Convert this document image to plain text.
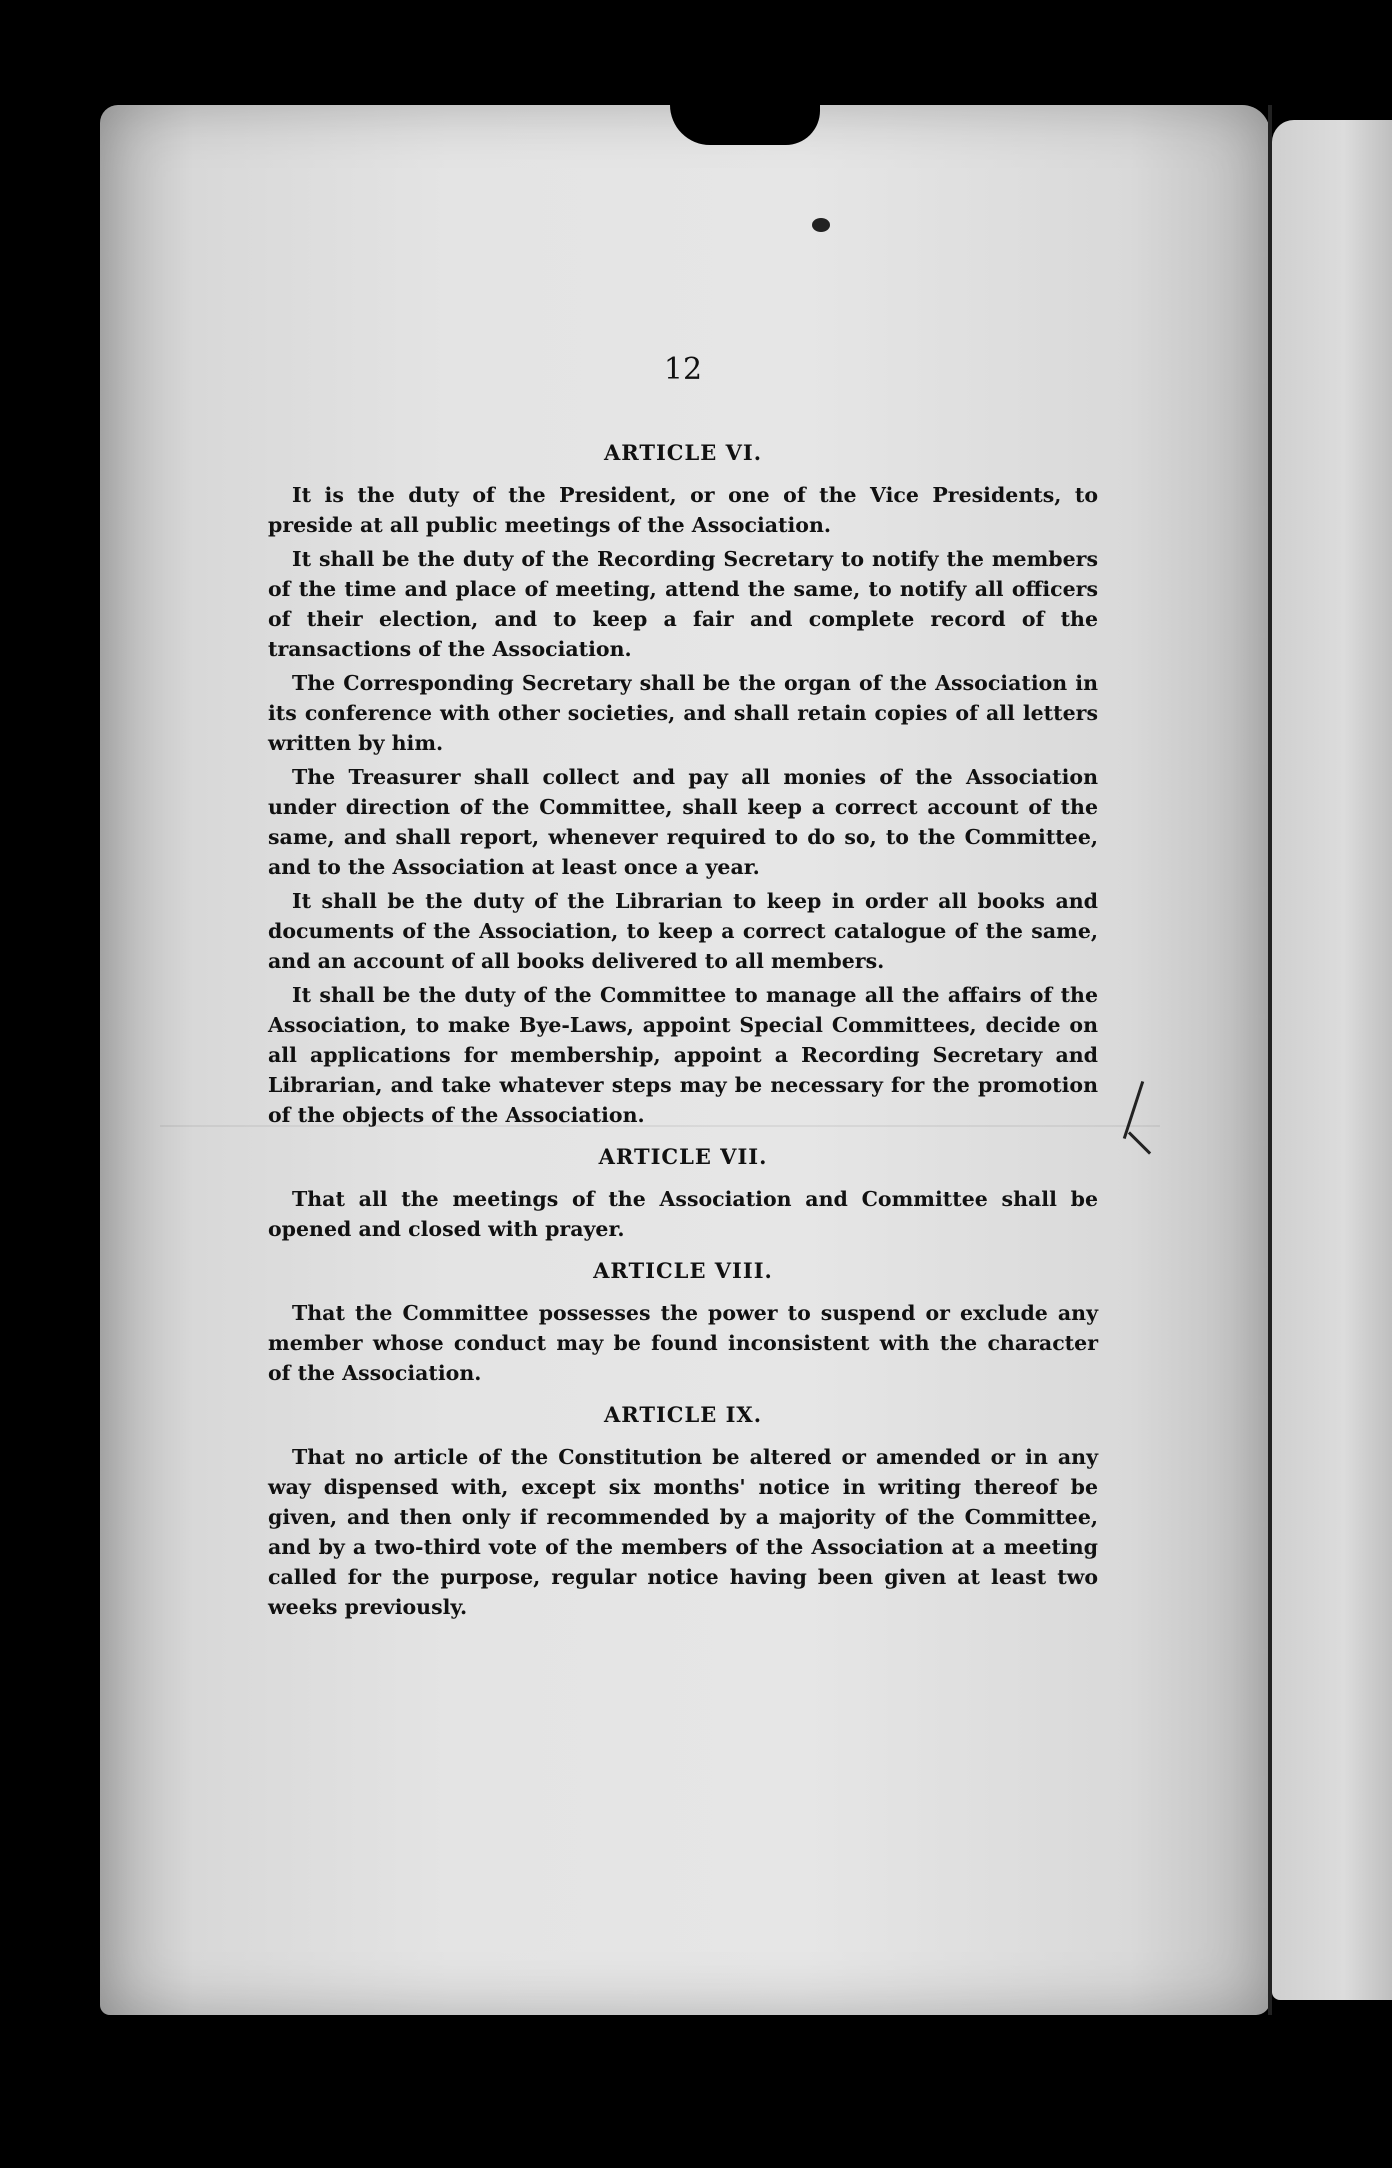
12
ARTICLE VI.

It is the duty of the President, or one of the Vice Presidents, to preside at all public meetings of the Association.

It shall be the duty of the Recording Secretary to notify the members of the time and place of meeting, attend the same, to notify all officers of their election, and to keep a fair and complete record of the transactions of the Association.

The Corresponding Secretary shall be the organ of the Association in its conference with other societies, and shall retain copies of all letters written by him.

The Treasurer shall collect and pay all monies of the Association under direction of the Committee, shall keep a correct account of the same, and shall report, whenever required to do so, to the Committee, and to the Association at least once a year.

It shall be the duty of the Librarian to keep in order all books and documents of the Association, to keep a correct catalogue of the same, and an account of all books delivered to all members.

It shall be the duty of the Committee to manage all the affairs of the Association, to make Bye-Laws, appoint Special Committees, decide on all applications for membership, appoint a Recording Secretary and Librarian, and take whatever steps may be necessary for the promotion of the objects of the Association.

ARTICLE VII.

That all the meetings of the Association and Committee shall be opened and closed with prayer.

ARTICLE VIII.

That the Committee possesses the power to suspend or exclude any member whose conduct may be found inconsistent with the character of the Association.

ARTICLE IX.

That no article of the Constitution be altered or amended or in any way dispensed with, except six months' notice in writing thereof be given, and then only if recommended by a majority of the Committee, and by a two-third vote of the members of the Association at a meeting called for the purpose, regular notice having been given at least two weeks previously.
